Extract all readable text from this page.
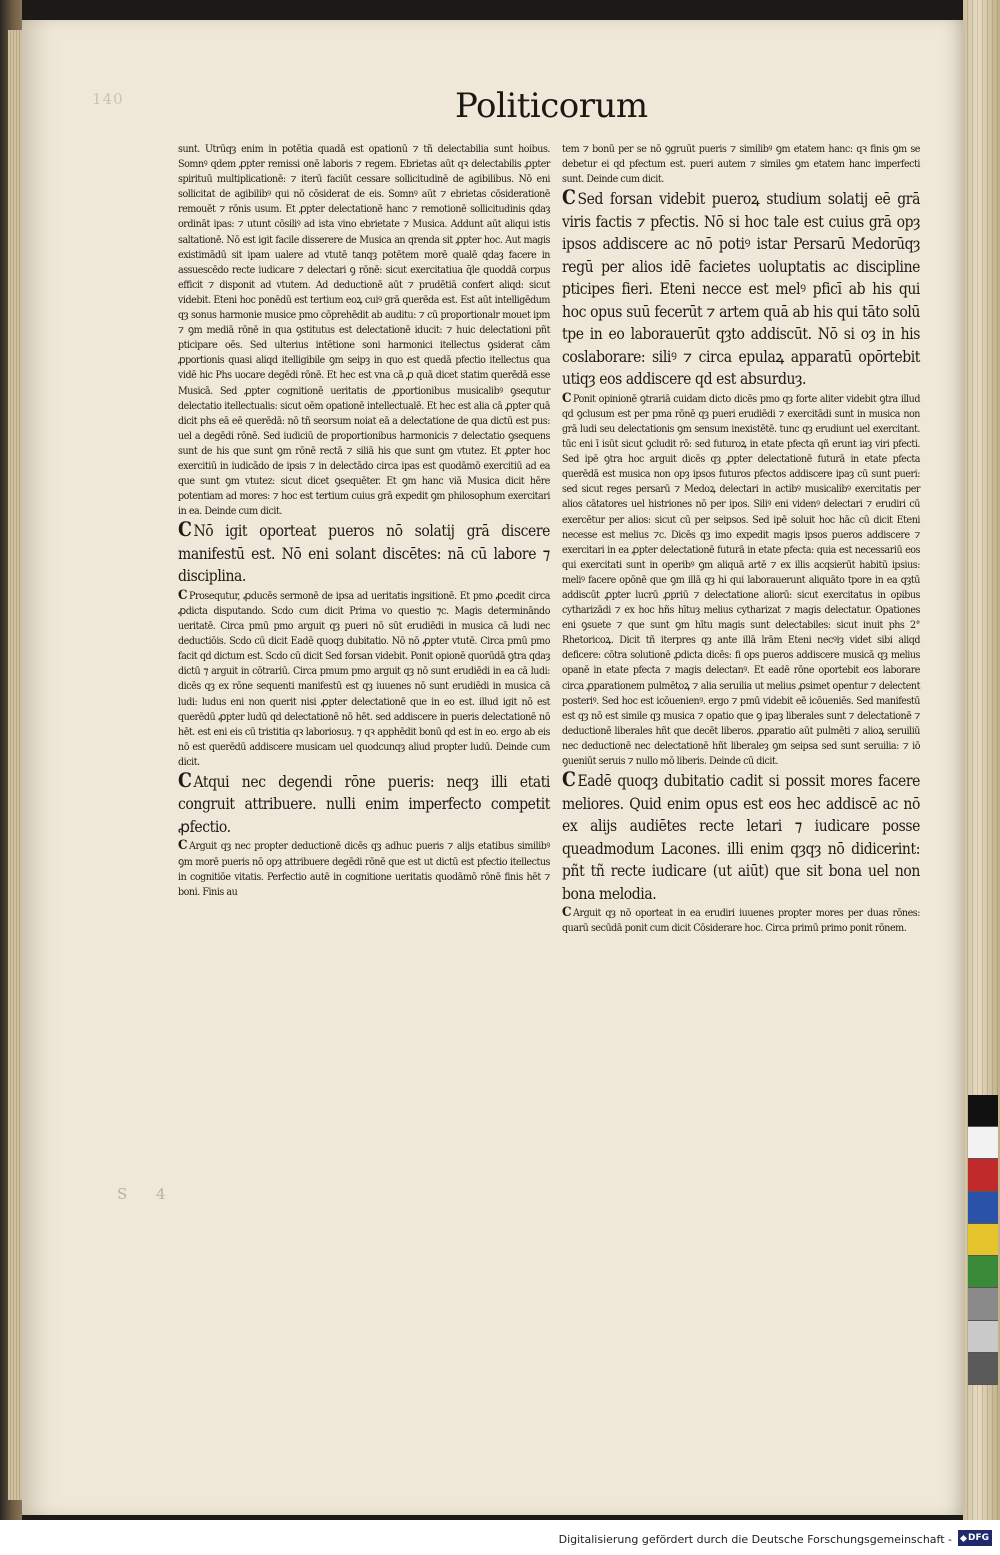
140	Politicorum

sunt. Utrūqȝ enim in potētia quadā est opationū ⁊ tñ delectabilia sunt hoibus. Somnꝰ qdem ꝓpter remissi onē laboris ⁊ regem. Ebrietas aūt qꝛ delectabilis ꝓpter spirituū multiplicationē: ⁊ iterū faciūt cessare sollicitudinē de agibilibus. Nō eni sollicitat de agibilibꝰ qui nō cōsiderat de eis. Somnꝰ aūt ⁊ ebrietas cōsiderationē remouēt ⁊ rōnis usum. Et ꝓpter delectationē hanc ⁊ remotionē sollicitudinis qdaȝ ordināt ipas: ⁊ utunt cōsiliꝰ ad ista vino ebrietate ⁊ Musica. Addunt aūt aliqui istis saltationē. Nō est igit facile disserere de Musica an qrenda sit ꝓpter hoc. Aut magis existimādū sit ipam ualere ad vtutē tanqȝ potētem morē qualē qdaȝ facere in assuescēdo recte iudicare ⁊ delectari ꝯ rōnē: sicut exercitatiua q̄le quoddā corpus efficit ⁊ disponit ad vtutem. Ad deductionē aūt ⁊ prudētiā confert aliqd: sicut videbit. Eteni hoc ponēdū est tertium eoꝝ cuiꝰ grā querēda est. Est aūt intelligēdum qȝ sonus harmonie musice pmo cōprehēdit ab auditu: ⁊ cū proportionalr mouet ipm ⁊ ꝯm mediā rōnē in qua ꝯstitutus est delectationē iducit: ⁊ huic delectationi pñt pticipare oēs. Sed ulterius intētione soni harmonici itellectus ꝯsiderat cām ꝓportionis quasi aliqd itelligibile ꝯm seipȝ in quo est quedā pfectio itellectus qua vidē hic Phs uocare degēdi rōnē. Et hec est vna cā ꝓ quā dicet statim querēdā esse Musicā. Sed ꝓpter cognitionē ueritatis de ꝓportionibus musicalibꝰ ꝯsequtur delectatio itellectualis: sicut oēm opationē intellectualē. Et hec est alia cā ꝓpter quā dicit phs eā eē querēdā: nō tñ seorsum noiat eā a delectatione de qua dictū est pus: uel a degēdi rōnē. Sed iudiciū de proportionibus harmonicis ⁊ delectatio ꝯsequens sunt de his que sunt ꝯm rōnē rectā ⁊ siliā his que sunt ꝯm vtutez. Et ꝓpter hoc exercitiū in iudicādo de ipsis ⁊ in delectādo circa ipas est quodāmō exercitiū ad ea que sunt ꝯm vtutez: sicut dicet ꝯsequēter. Et ꝯm hanc viā Musica dicit hēre potentiam ad mores: ⁊ hoc est tertium cuius grā expedit ꝯm philosophum exercitari in ea. Deinde cum dicit.

C Nō igit oporteat pueros nō solatij grā discere manifestū est. Nō eni solant discētes: nā cū labore ⁊ disciplina.

C Prosequtur, ꝓducēs sermonē de ipsa ad ueritatis ingsitionē. Et pmo ꝓcedit circa ꝓdicta disputando. Scdo cum dicit Prima vo questio ⁊c. Magis determināndo ueritatē. Circa pmū pmo arguit qȝ pueri nō sūt erudiēdi in musica cā ludi nec deductiōis. Scdo cū dicit Eadē quoqȝ dubitatio. Nō nō ꝓpter vtutē. Circa pmū pmo facit qd dictum est. Scdo cū dicit Sed forsan videbit. Ponit opionē quorūdā ꝯtra qdaȝ dictū ⁊ arguit in cōtrariū. Circa pmum pmo arguit qȝ nō sunt erudiēdi in ea cā ludi: dicēs qȝ ex rōne sequenti manifestū est qȝ iuuenes nō sunt erudiēdi in musica cā ludi: ludus eni non querit nisi ꝓpter delectationē que in eo est. illud igit nō est querēdū ꝓpter ludū qd delectationē nō hēt. sed addiscere in pueris delectationē nō hēt. est eni eis cū tristitia qꝛ laboriosuȝ. ⁊ qꝛ apphēdit bonū qd est in eo. ergo ab eis nō est querēdū addiscere musicam uel quodcunqȝ aliud propter ludū. Deinde cum dicit.

C Atqui nec degendi rōne pueris: neqȝ illi etati congruit attribuere. nulli enim imperfecto competit ꝓfectio.

C Arguit qȝ nec propter deductionē dicēs qȝ adhuc pueris ⁊ alijs etatibus similibꝰ ꝯm morē pueris nō opȝ attribuere degēdi rōnē que est ut dictū est pfectio itellectus in cognitiōe vitatis. Perfectio autē in cognitione ueritatis quodāmō rōnē finis hēt ⁊ boni. Finis au

tem ⁊ bonū per se nō ꝯgruūt pueris ⁊ similibꝰ ꝯm etatem hanc: qꝛ finis ꝯm se debetur ei qd pfectum est. pueri autem ⁊ similes ꝯm etatem hanc imperfecti sunt. Deinde cum dicit.

C Sed forsan videbit pueroꝝ studium solatij eē grā viris factis ⁊ pfectis. Nō si hoc tale est cuius grā opȝ ipsos addiscere ac nō potiꝰ istar Persarū Medorūqȝ regū per alios idē facietes uoluptatis ac discipline pticipes fieri. Eteni necce est melꝰ pficī ab his qui hoc opus suū fecerūt ⁊ artem quā ab his qui tāto solū tpe in eo laborauerūt qȝto addiscūt. Nō si oȝ in his coslaborare: siliꝰ ⁊ circa epulaꝝ apparatū opōrtebit utiqȝ eos addiscere qd est absurduȝ.

C Ponit opinionē ꝯtrariā cuidam dicto dicēs pmo qȝ forte aliter videbit ꝯtra illud qd ꝯclusum est per pma rōnē qȝ pueri erudiēdi ⁊ exercitādi sunt in musica non grā ludi seu delectationis ꝯm sensum inexistētē. tunc qȝ erudiunt uel exercitant. tūc eni ī isūt sicut ꝯcludit rō: sed futuroꝝ in etate pfecta qñ erunt iaȝ viri pfecti. Sed ipē ꝯtra hoc arguit dicēs qȝ ꝓpter delectationē futurā in etate pfecta querēdā est musica non opȝ ipsos futuros pfectos addiscere ipaȝ cū sunt pueri: sed sicut reges persarū ⁊ Medoꝝ delectari in actibꝰ musicalibꝰ exercitatis per alios cātatores uel histriones nō per ipos. Siliꝰ eni videnꝰ delectari ⁊ erudiri cū exercētur per alios: sicut cū per seipsos. Sed ipē soluit hoc hāc cū dicit Eteni necesse est melius ⁊c. Dicēs qȝ imo expedit magis ipsos pueros addiscere ⁊ exercitari in ea ꝓpter delectationē futurā in etate pfecta: quia est necessariū eos qui exercitati sunt in operibꝰ ꝯm aliquā artē ⁊ ex illis acqsierūt habitū ipsius: meliꝰ facere opōnē que ꝯm illā qȝ hi qui laborauerunt aliquāto tpore in ea qȝtū addiscūt ꝓpter lucrū ꝓpriū ⁊ delectatione aliorū: sicut exercitatus in opibus cytharizādi ⁊ ex hoc hñs hītuȝ melius cytharizat ⁊ magis delectatur. Opationes eni ꝯsuete ⁊ que sunt ꝯm hītu magis sunt delectabiles: sicut inuit phs 2° Rhetoricoꝝ. Dicit tñ iterpres qȝ ante illā lrām Eteni necꝰiȝ videt sibi aliqd deficere: cōtra solutionē ꝓdicta dicēs: fi ops pueros addiscere musicā qȝ melius opanē in etate pfecta ⁊ magis delectanꝰ. Et eadē rōne oportebit eos laborare circa ꝓparationem pulmētoꝝ ⁊ alia seruilia ut melius ꝓsimet opentur ⁊ delectent posteriꝰ. Sed hoc est icōuenienꝰ. ergo ⁊ pmū videbit eē icōueniēs. Sed manifestū est qȝ nō est simile qȝ musica ⁊ opatio que ꝯ ipaȝ liberales sunt ⁊ delectationē ⁊ deductionē liberales hñt que decēt liberos. ꝓparatio aūt pulmēti ⁊ alioꝝ seruiliū nec deductionē nec delectationē hñt liberaleȝ ꝯm seipsa sed sunt seruilia: ⁊ iō ꝯueniūt seruis ⁊ nullo mō liberis. Deinde cū dicit.

C Eadē quoqȝ dubitatio cadit si possit mores facere meliores. Quid enim opus est eos hec addiscē ac nō ex alijs audiētes recte letari ⁊ iudicare posse queadmodum Lacones. illi enim qȝqȝ nō didicerint: pñt tñ recte iudicare (ut aiūt) que sit bona uel non bona melodia.

C Arguit qȝ nō oporteat in ea erudiri iuuenes propter mores per duas rōnes: quarū secūdā ponit cum dicit Cōsiderare hoc. Circa primū primo ponit rōnem.

S 4
Digitalisierung gefördert durch die Deutsche Forschungsgemeinschaft - DFG
